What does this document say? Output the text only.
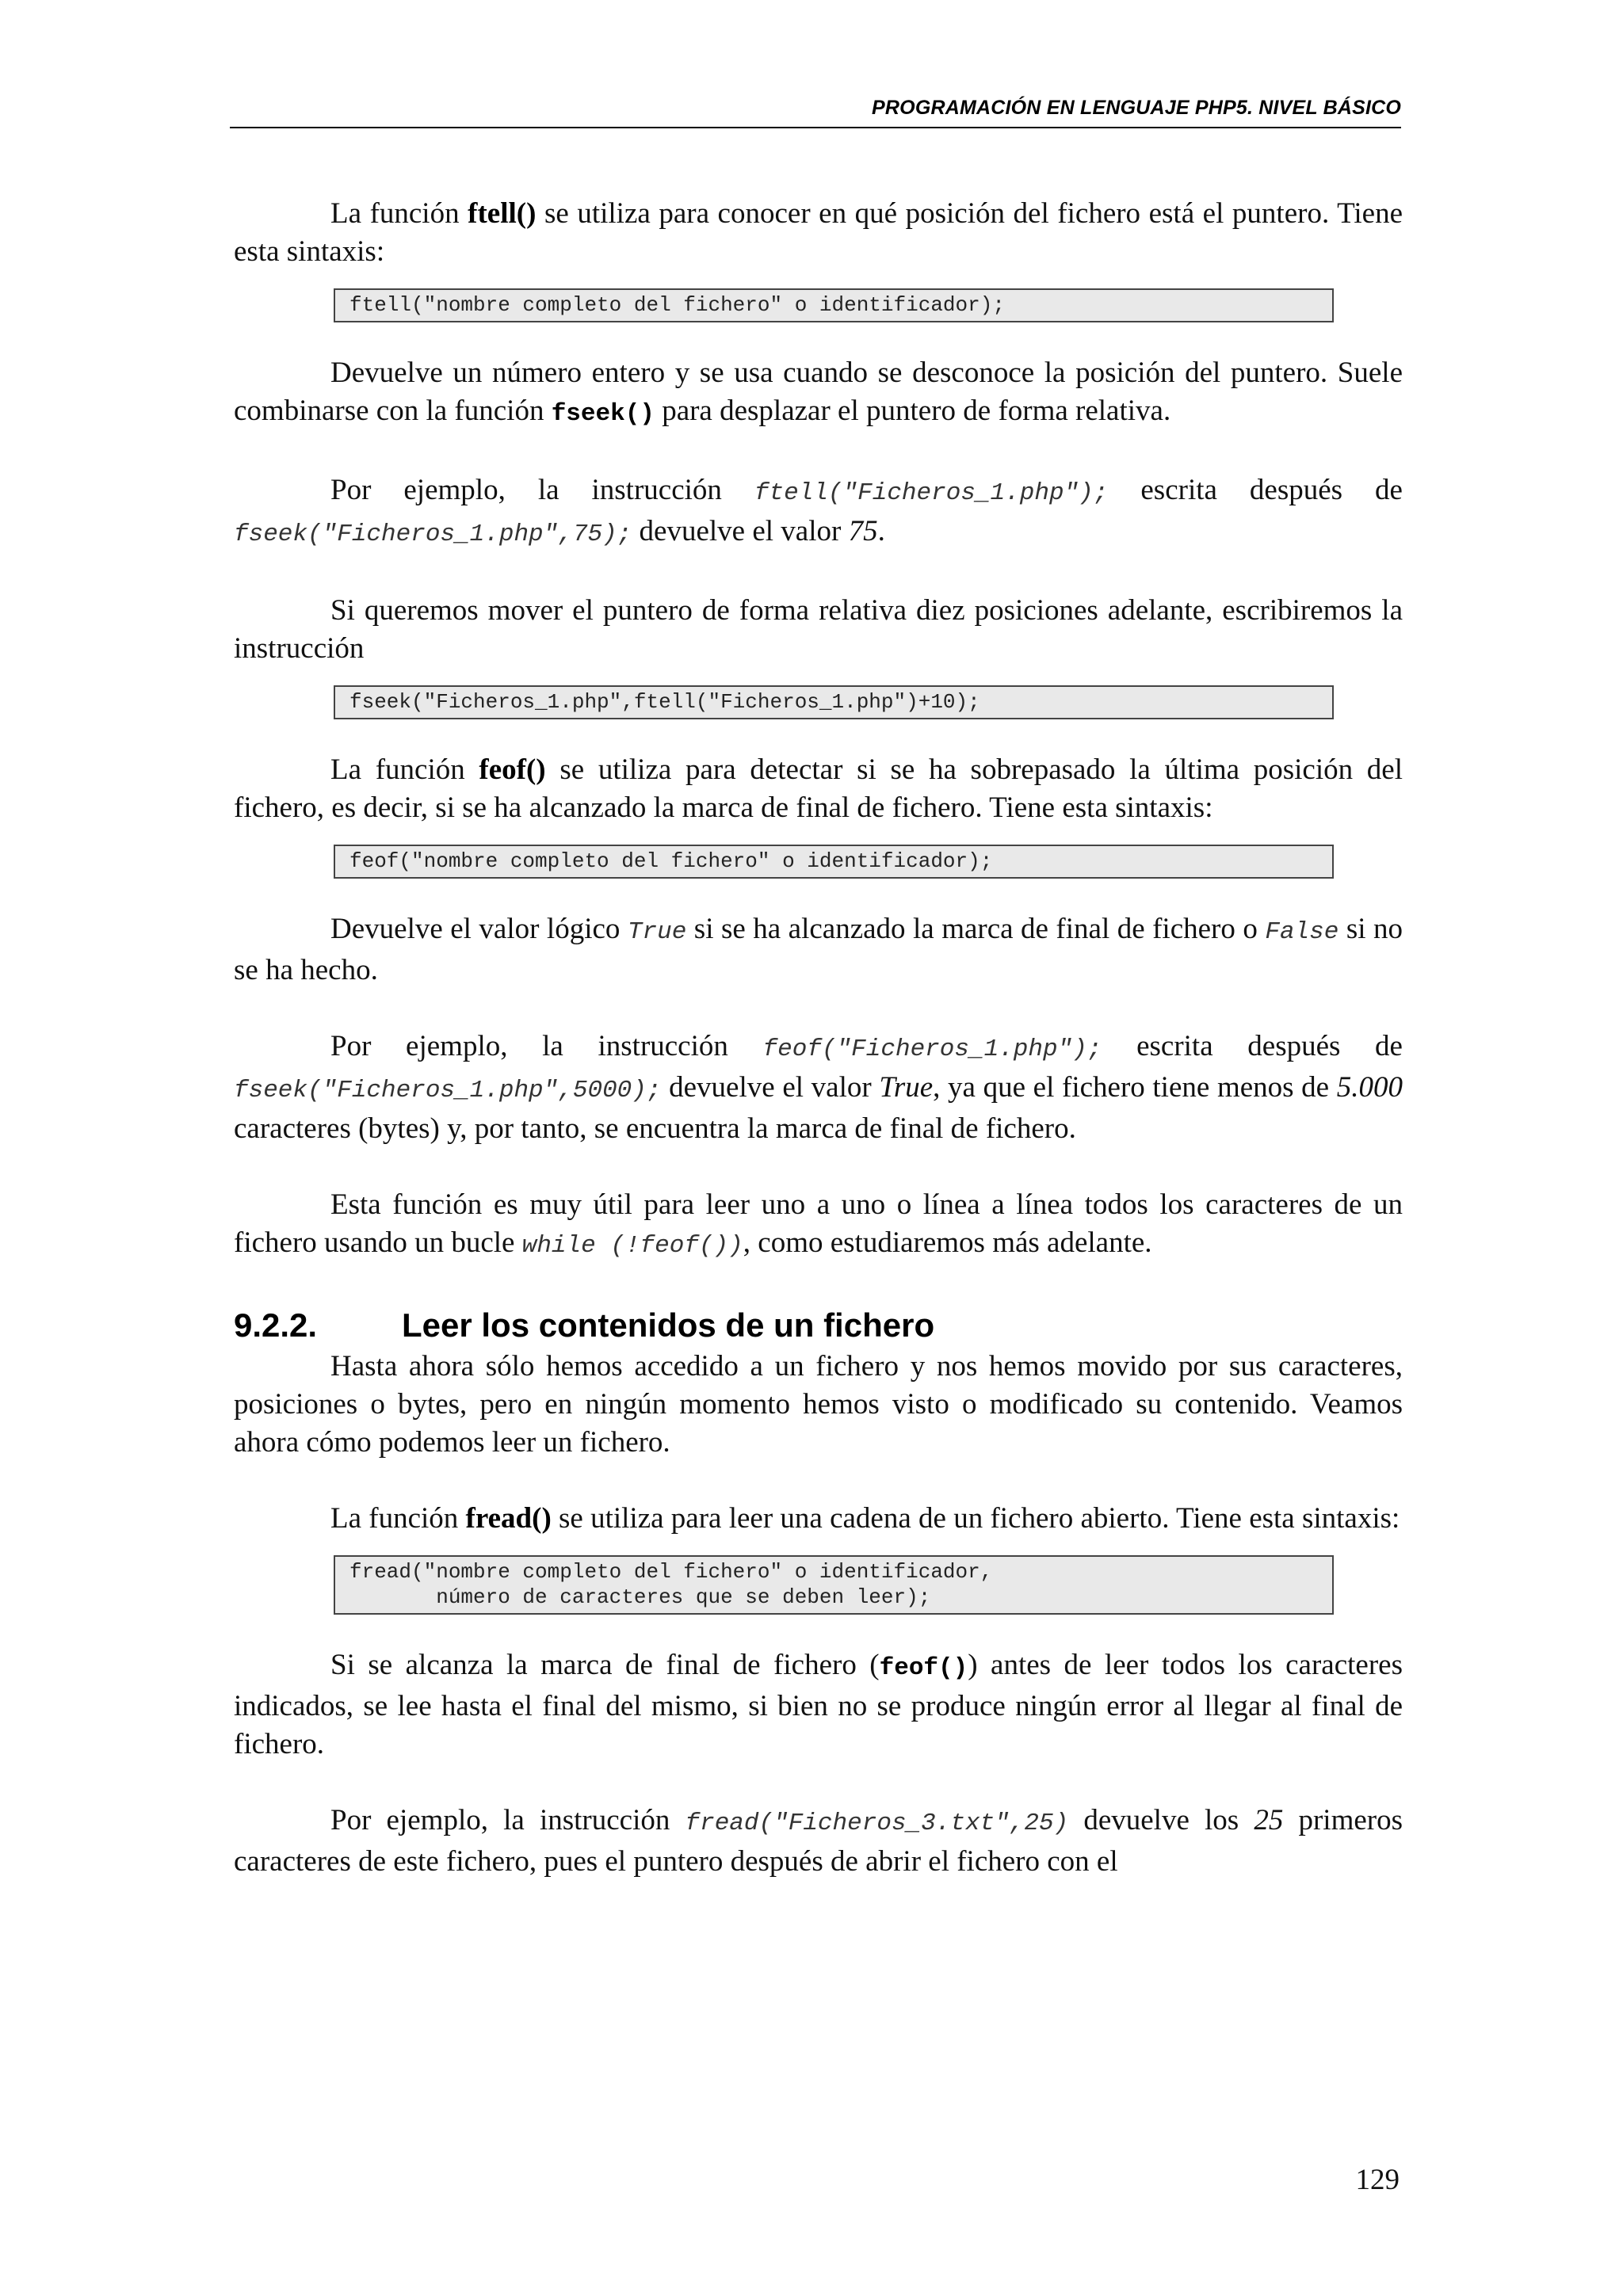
PROGRAMACIÓN EN LENGUAJE PHP5. NIVEL BÁSICO

La función ftell() se utiliza para conocer en qué posición del fichero está el puntero. Tiene esta sintaxis:

ftell("nombre completo del fichero" o identificador);

Devuelve un número entero y se usa cuando se desconoce la posición del puntero. Suele combinarse con la función fseek() para desplazar el puntero de forma relativa.

Por ejemplo, la instrucción ftell("Ficheros_1.php"); escrita después de fseek("Ficheros_1.php",75); devuelve el valor 75.

Si queremos mover el puntero de forma relativa diez posiciones adelante, escribiremos la instrucción

fseek("Ficheros_1.php",ftell("Ficheros_1.php")+10);

La función feof() se utiliza para detectar si se ha sobrepasado la última posición del fichero, es decir, si se ha alcanzado la marca de final de fichero. Tiene esta sintaxis:

feof("nombre completo del fichero" o identificador);

Devuelve el valor lógico True si se ha alcanzado la marca de final de fichero o False si no se ha hecho.

Por ejemplo, la instrucción feof("Ficheros_1.php"); escrita después de fseek("Ficheros_1.php",5000); devuelve el valor True, ya que el fichero tiene menos de 5.000 caracteres (bytes) y, por tanto, se encuentra la marca de final de fichero.

Esta función es muy útil para leer uno a uno o línea a línea todos los caracteres de un fichero usando un bucle while (!feof()), como estudiaremos más adelante.

9.2.2.	Leer los contenidos de un fichero

Hasta ahora sólo hemos accedido a un fichero y nos hemos movido por sus caracteres, posiciones o bytes, pero en ningún momento hemos visto o modificado su contenido. Veamos ahora cómo podemos leer un fichero.

La función fread() se utiliza para leer una cadena de un fichero abierto. Tiene esta sintaxis:

fread("nombre completo del fichero" o identificador,
número de caracteres que se deben leer);

Si se alcanza la marca de final de fichero (feof()) antes de leer todos los caracteres indicados, se lee hasta el final del mismo, si bien no se produce ningún error al llegar al final de fichero.

Por ejemplo, la instrucción fread("Ficheros_3.txt",25) devuelve los 25 primeros caracteres de este fichero, pues el puntero después de abrir el fichero con el

129
